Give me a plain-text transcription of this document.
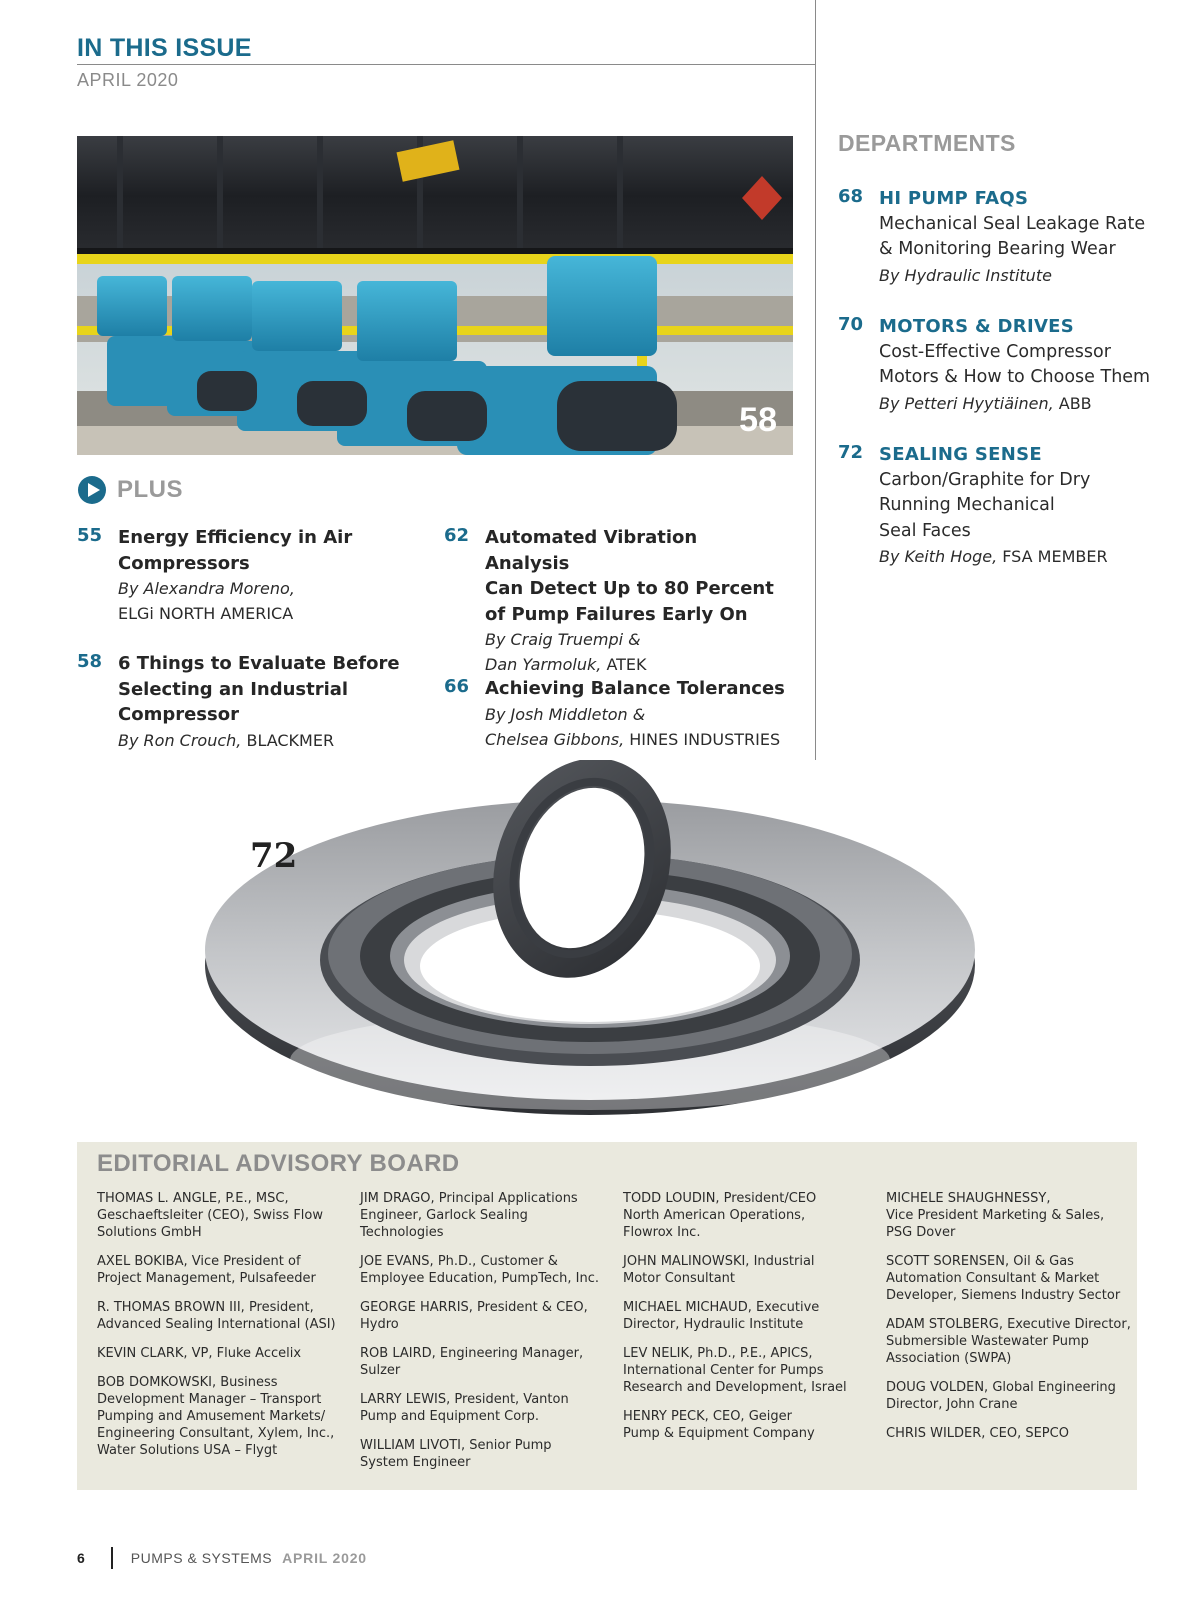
IN THIS ISSUE
APRIL 2020
58
PLUS
55 Energy Efficiency in Air
Compressors
By Alexandra Moreno,
ELGi NORTH AMERICA
58 6 Things to Evaluate Before
Selecting an Industrial
Compressor
By Ron Crouch, BLACKMER
62 Automated Vibration Analysis
Can Detect Up to 80 Percent
of Pump Failures Early On
By Craig Truempi &
Dan Yarmoluk, ATEK
66 Achieving Balance Tolerances
By Josh Middleton &
Chelsea Gibbons, HINES INDUSTRIES
DEPARTMENTS
68 HI PUMP FAQS
Mechanical Seal Leakage Rate
& Monitoring Bearing Wear
By Hydraulic Institute
70 MOTORS & DRIVES
Cost-Effective Compressor
Motors & How to Choose Them
By Petteri Hyytiäinen, ABB
72 SEALING SENSE
Carbon/Graphite for Dry
Running Mechanical
Seal Faces
By Keith Hoge, FSA MEMBER
72
EDITORIAL ADVISORY BOARD
THOMAS L. ANGLE, P.E., MSC,
Geschaeftsleiter (CEO), Swiss Flow
Solutions GmbH
AXEL BOKIBA, Vice President of
Project Management, Pulsafeeder
R. THOMAS BROWN III, President,
Advanced Sealing International (ASI)
KEVIN CLARK, VP, Fluke Accelix
BOB DOMKOWSKI, Business
Development Manager – Transport
Pumping and Amusement Markets/
Engineering Consultant, Xylem, Inc.,
Water Solutions USA – Flygt
JIM DRAGO, Principal Applications
Engineer, Garlock Sealing
Technologies
JOE EVANS, Ph.D., Customer &
Employee Education, PumpTech, Inc.
GEORGE HARRIS, President & CEO,
Hydro
ROB LAIRD, Engineering Manager,
Sulzer
LARRY LEWIS, President, Vanton
Pump and Equipment Corp.
WILLIAM LIVOTI, Senior Pump
System Engineer
TODD LOUDIN, President/CEO
North American Operations,
Flowrox Inc.
JOHN MALINOWSKI, Industrial
Motor Consultant
MICHAEL MICHAUD, Executive
Director, Hydraulic Institute
LEV NELIK, Ph.D., P.E., APICS,
International Center for Pumps
Research and Development, Israel
HENRY PECK, CEO, Geiger
Pump & Equipment Company
MICHELE SHAUGHNESSY,
Vice President Marketing & Sales,
PSG Dover
SCOTT SORENSEN, Oil & Gas
Automation Consultant & Market
Developer, Siemens Industry Sector
ADAM STOLBERG, Executive Director,
Submersible Wastewater Pump
Association (SWPA)
DOUG VOLDEN, Global Engineering
Director, John Crane
CHRIS WILDER, CEO, SEPCO
6	PUMPS & SYSTEMS APRIL 2020
